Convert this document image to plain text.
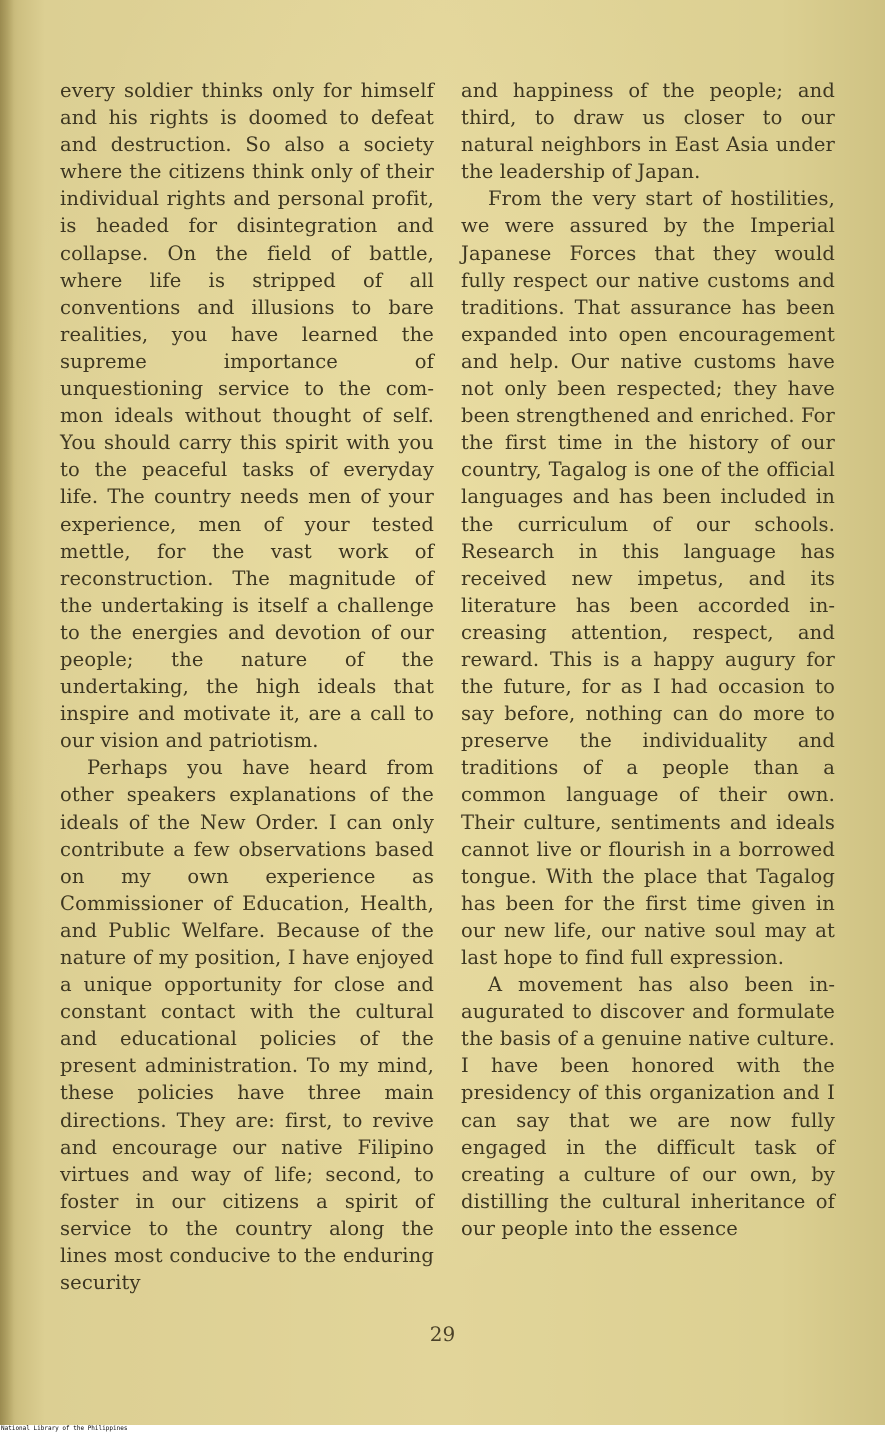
every soldier thinks only for himself and his rights is doomed to defeat and destruction. So also a society where the citizens think only of their individual rights and personal profit, is headed for disintegration and collapse. On the field of battle, where life is stripped of all conventions and illusions to bare realities, you have learned the supreme importance of unquestioning service to the common ideals without thought of self. You should carry this spirit with you to the peaceful tasks of everyday life. The country needs men of your experience, men of your tested mettle, for the vast work of reconstruction. The magnitude of the undertaking is itself a challenge to the energies and devotion of our people; the nature of the undertaking, the high ideals that inspire and motivate it, are a call to our vision and patriotism.

Perhaps you have heard from other speakers explanations of the ideals of the New Order. I can only contribute a few observations based on my own experience as Commissioner of Education, Health, and Public Welfare. Because of the nature of my position, I have enjoyed a unique opportunity for close and constant contact with the cultural and educational policies of the present administration. To my mind, these policies have three main directions. They are: first, to revive and encourage our native Filipino virtues and way of life; second, to foster in our citizens a spirit of service to the country along the lines most conducive to the enduring security

and happiness of the people; and third, to draw us closer to our natural neighbors in East Asia under the leadership of Japan.

From the very start of hostilities, we were assured by the Imperial Japanese Forces that they would fully respect our native customs and traditions. That assurance has been expanded into open encouragement and help. Our native customs have not only been respected; they have been strengthened and enriched. For the first time in the history of our country, Tagalog is one of the official languages and has been included in the curriculum of our schools. Research in this language has received new impetus, and its literature has been accorded increasing attention, respect, and reward. This is a happy augury for the future, for as I had occasion to say before, nothing can do more to preserve the individuality and traditions of a people than a common language of their own. Their culture, sentiments and ideals cannot live or flourish in a borrowed tongue. With the place that Tagalog has been for the first time given in our new life, our native soul may at last hope to find full expression.

A movement has also been inaugurated to discover and formulate the basis of a genuine native culture. I have been honored with the presidency of this organization and I can say that we are now fully engaged in the difficult task of creating a culture of our own, by distilling the cultural inheritance of our people into the essence

29
National Library of the Philippines
